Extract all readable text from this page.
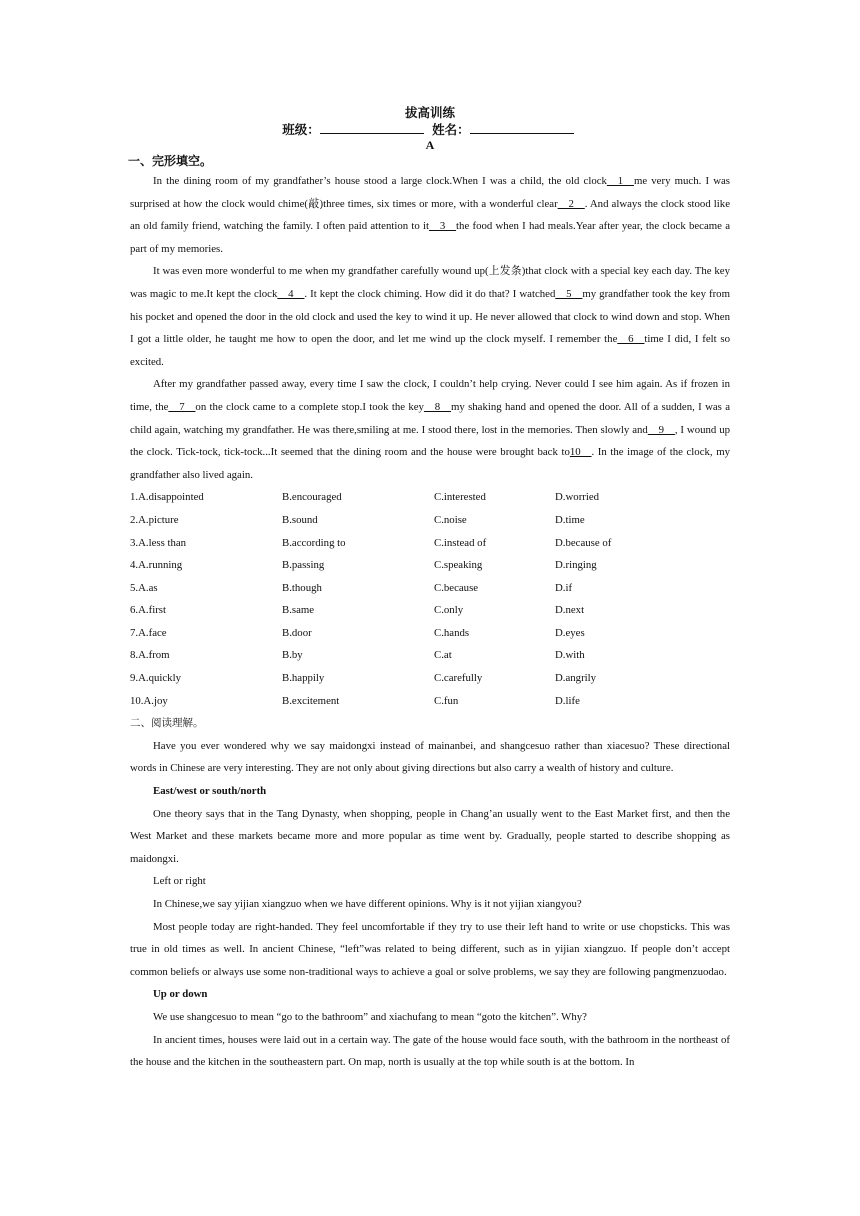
拔高训练
班级：	姓名：
A
一、完形填空。

In the dining room of my grandfather’s house stood a large clock.When I was a child, the old clock__1__me very much. I was surprised at how the clock would chime(敲)three times, six times or more, with a wonderful clear__2__. And always the clock stood like an old family friend, watching the family. I often paid attention to it__3__the food when I had meals.Year after year, the clock became a part of my memories.

It was even more wonderful to me when my grandfather carefully wound up(上发条)that clock with a special key each day. The key was magic to me.It kept the clock__4__. It kept the clock chiming. How did it do that? I watched__5__my grandfather took the key from his pocket and opened the door in the old clock and used the key to wind it up. He never allowed that clock to wind down and stop. When I got a little older, he taught me how to open the door, and let me wind up the clock myself. I remember the__6__time I did, I felt so excited.

After my grandfather passed away, every time I saw the clock, I couldn’t help crying. Never could I see him again. As if frozen in time, the__7__on the clock came to a complete stop.I took the key__8__my shaking hand and opened the door. All of a sudden, I was a child again, watching my grandfather. He was there,smiling at me. I stood there, lost in the memories. Then slowly and__9__, I wound up the clock. Tick-tock, tick-tock...It seemed that the dining room and the house were brought back to10__. In the image of the clock, my grandfather also lived again.

1.A.disappointed	B.encouraged	C.interested	D.worried
2.A.picture	B.sound	C.noise	D.time
3.A.less than	B.according to	C.instead of	D.because of
4.A.running	B.passing	C.speaking	D.ringing
5.A.as	B.though	C.because	D.if
6.A.first	B.same	C.only	D.next
7.A.face	B.door	C.hands	D.eyes
8.A.from	B.by	C.at	D.with
9.A.quickly	B.happily	C.carefully	D.angrily
10.A.joy	B.excitement	C.fun	D.life
二、阅读理解。

Have you ever wondered why we say maidongxi instead of mainanbei, and shangcesuo rather than xiacesuo? These directional words in Chinese are very interesting. They are not only about giving directions but also carry a wealth of history and culture.

East/west or south/north

One theory says that in the Tang Dynasty, when shopping, people in Chang’an usually went to the East Market first, and then the West Market and these markets became more and more popular as time went by. Gradually, people started to describe shopping as maidongxi.

Left or right

In Chinese,we say yijian xiangzuo when we have different opinions. Why is it not yijian xiangyou?

Most people today are right-handed. They feel uncomfortable if they try to use their left hand to write or use chopsticks. This was true in old times as well. In ancient Chinese, “left”was related to being different, such as in yijian xiangzuo. If people don’t accept common beliefs or always use some non-traditional ways to achieve a goal or solve problems, we say they are following pangmenzuodao.

Up or down

We use shangcesuo to mean “go to the bathroom” and xiachufang to mean “goto the kitchen”. Why?

In ancient times, houses were laid out in a certain way. The gate of the house would face south, with the bathroom in the northeast of the house and the kitchen in the southeastern part. On map, north is usually at the top while south is at the bottom. In
